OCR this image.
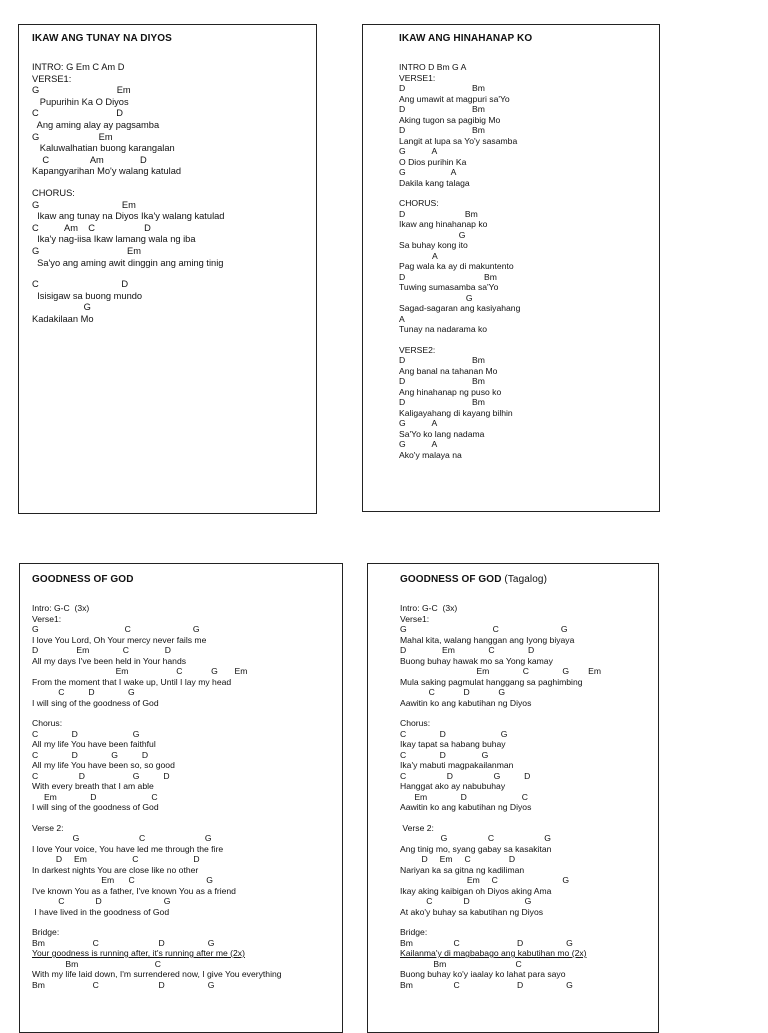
IKAW ANG TUNAY NA DIYOS
INTRO: G Em C Am D
VERSE1:
G                              Em
Pupurihin Ka O Diyos
C                              D
Ang aming alay ay pagsamba
G                       Em
Kaluwalhatian buong karangalan
C                Am              D
Kapangyarihan Mo'y walang katulad
CHORUS:
G                                Em
Ikaw ang tunay na Diyos Ika'y walang katulad
C          Am    C                   D
Ika'y nag-iisa Ikaw lamang wala ng iba
G                                  Em
Sa'yo ang aming awit dinggin ang aming tinig
C                                D
Isisigaw sa buong mundo
G
Kadakilaan Mo
IKAW ANG HINAHANAP KO
INTRO D Bm G A
VERSE1:
D                            Bm
Ang umawit at magpuri sa'Yo
D                            Bm
Aking tugon sa pagibig Mo
D                            Bm
Langit at lupa sa Yo'y sasamba
G           A
O Dios purihin Ka
G                   A
Dakila kang talaga
CHORUS:
D                         Bm
Ikaw ang hinahanap ko
G
Sa buhay kong ito
A
Pag wala ka ay di makuntento
D                                 Bm
Tuwing sumasamba sa'Yo
G
Sagad-sagaran ang kasiyahang
A
Tunay na nadarama ko
VERSE2:
D                            Bm
Ang banal na tahanan Mo
D                            Bm
Ang hinahanap ng puso ko
D                            Bm
Kaligayahang di kayang bilhin
G           A
Sa'Yo ko lang nadama
G           A
Ako'y malaya na
GOODNESS OF GOD
Intro: G-C  (3x)
Verse1:
G                                    C                          G
I love You Lord, Oh Your mercy never fails me
D                Em              C               D
All my days I've been held in Your hands
Em                    C            G       Em
From the moment that I wake up, Until I lay my head
C          D              G
I will sing of the goodness of God
Chorus:
C              D                       G
All my life You have been faithful
C              D              G          D
All my life You have been so, so good
C                 D                    G          D
With every breath that I am able
Em              D                       C
I will sing of the goodness of God
Verse 2:
G                         C                         G
I love Your voice, You have led me through the fire
D     Em                   C                       D
In darkest nights You are close like no other
Em      C                              G
I've known You as a father, I've known You as a friend
C             D                          G
I have lived in the goodness of God
Bridge:
Bm                    C                         D                  G
Your goodness is running after, it's running after me (2x)
Bm                                C
With my life laid down, I'm surrendered now, I give You everything
Bm                    C                         D                  G
GOODNESS OF GOD (Tagalog)
Intro: G-C  (3x)
Verse1:
G                                    C                          G
Mahal kita, walang hanggan ang Iyong biyaya
D               Em              C              D
Buong buhay hawak mo sa Yong kamay
Em              C              G        Em
Mula saking pagmulat hanggang sa paghimbing
C            D            G
Aawitin ko ang kabutihan ng Diyos
Chorus:
C              D                       G
Ikay tapat sa habang buhay
C              D               G
Ika'y mabuti magpakailanman
C                 D                 G          D
Hanggat ako ay nabubuhay
Em              D                       C
Aawitin ko ang kabutihan ng Diyos
Verse 2:
G                 C                     G
Ang tinig mo, syang gabay sa kasakitan
D     Em     C                D
Nariyan ka sa gitna ng kadiliman
Em     C                           G
Ikay aking kaibigan oh Diyos aking Ama
C             D                       G
At ako'y buhay sa kabutihan ng Diyos
Bridge:
Bm                 C                        D                  G
Kailanma'y di magbabago ang kabutihan mo (2x)
Bm                             C
Buong buhay ko'y iaalay ko lahat para sayo
Bm                 C                        D                  G
